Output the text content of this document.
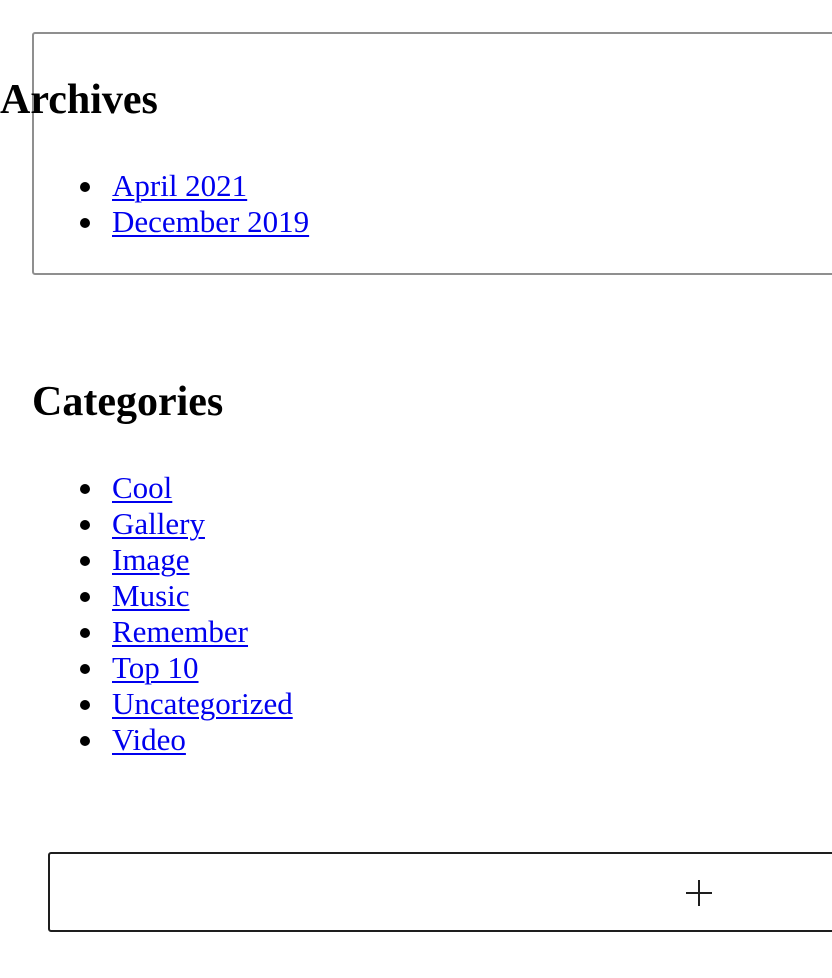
Archives
April 2021
December 2019
Categories
Cool
Gallery
Image
Music
Remember
Top 10
Uncategorized
Video
